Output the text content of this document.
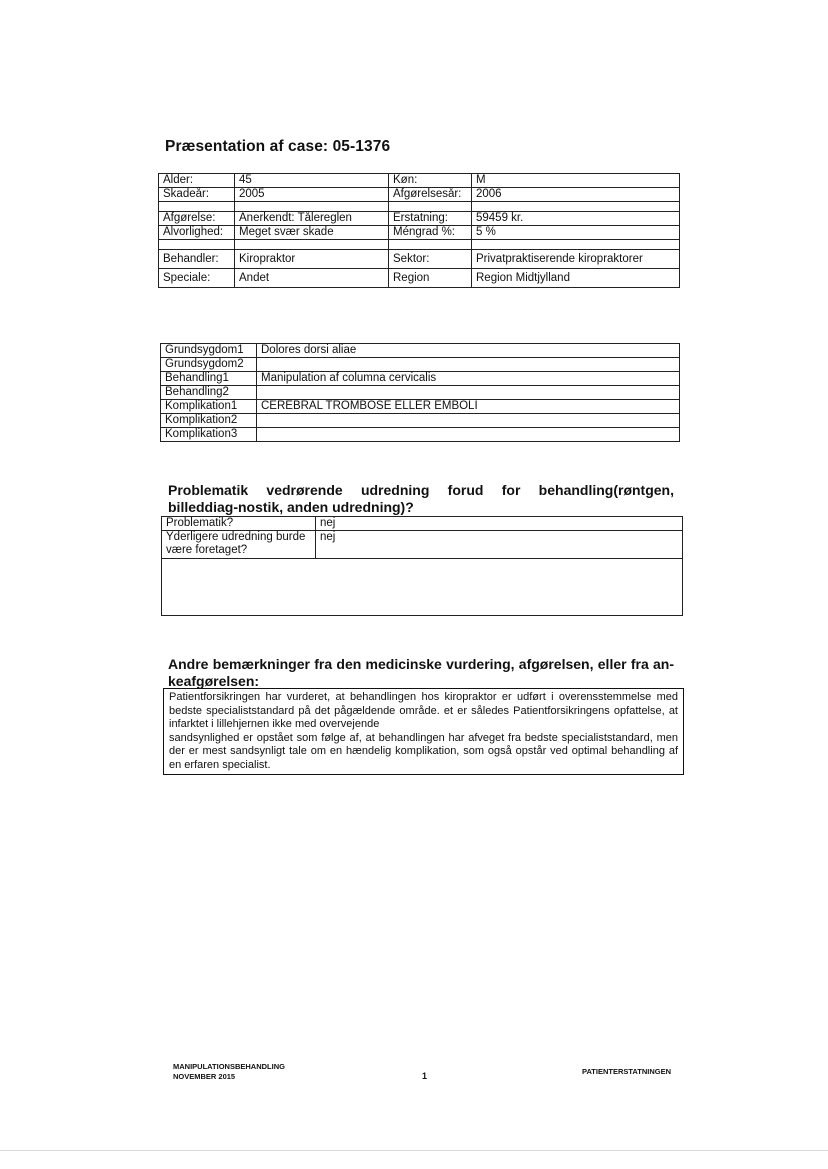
Præsentation af case: 05-1376
Alder:	45	Køn:	M
Skadeår:	2005	Afgørelsesår:	2006

Afgørelse:	Anerkendt: Tålereglen	Erstatning:	59459 kr.
Alvorlighed:	Meget svær skade	Méngrad %:	5 %

Behandler:	Kiropraktor	Sektor:	Privatpraktiserende kiropraktorer
Speciale:	Andet	Region	Region Midtjylland
Grundsygdom1	Dolores dorsi aliae
Grundsygdom2	
Behandling1	Manipulation af columna cervicalis
Behandling2	
Komplikation1	CEREBRAL TROMBOSE ELLER EMBOLI
Komplikation2	
Komplikation3	
Problematik vedrørende udredning forud for behandling(røntgen, billeddiag-nostik, anden udredning)?
Problematik?	nej
Yderligere udredning burde være foretaget?	nej

Andre bemærkninger fra den medicinske vurdering, afgørelsen, eller fra an-keafgørelsen:
Patientforsikringen har vurderet, at behandlingen hos kiropraktor er udført i overensstemmelse med bedste specialiststandard på det pågældende område. et er således Patientforsikringens opfattelse, at infarktet i lillehjernen ikke med overvejende
sandsynlighed er opstået som følge af, at behandlingen har afveget fra bedste specialiststandard, men der er mest sandsynligt tale om en hændelig komplikation, som også opstår ved optimal behandling af en erfaren specialist.
MANIPULATIONSBEHANDLING
NOVEMBER 2015	1	PATIENTERSTATNINGEN
